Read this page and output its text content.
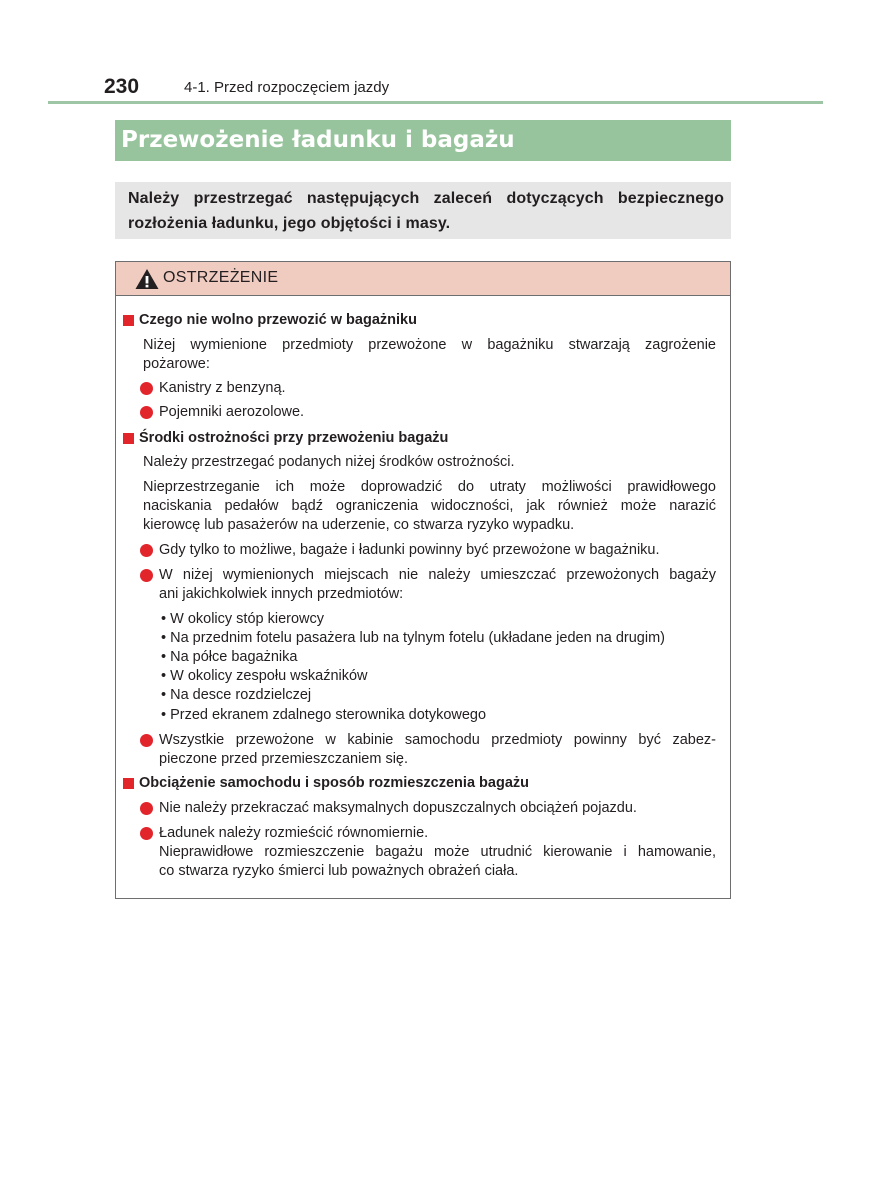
230	4-1. Przed rozpoczęciem jazdy
Przewożenie ładunku i bagażu
Należy przestrzegać następujących zaleceń dotyczących bezpiecznego
rozłożenia ładunku, jego objętości i masy.
OSTRZEŻENIE
Czego nie wolno przewozić w bagażniku
Niżej wymienione przedmioty przewożone w bagażniku stwarzają zagrożenie
pożarowe:
Kanistry z benzyną.
Pojemniki aerozolowe.
Środki ostrożności przy przewożeniu bagażu
Należy przestrzegać podanych niżej środków ostrożności.
Nieprzestrzeganie ich może doprowadzić do utraty możliwości prawidłowego
naciskania pedałów bądź ograniczenia widoczności, jak również może narazić
kierowcę lub pasażerów na uderzenie, co stwarza ryzyko wypadku.
Gdy tylko to możliwe, bagaże i ładunki powinny być przewożone w bagażniku.
W niżej wymienionych miejscach nie należy umieszczać przewożonych bagaży
ani jakichkolwiek innych przedmiotów:
• W okolicy stóp kierowcy
• Na przednim fotelu pasażera lub na tylnym fotelu (układane jeden na drugim)
• Na półce bagażnika
• W okolicy zespołu wskaźników
• Na desce rozdzielczej
• Przed ekranem zdalnego sterownika dotykowego
Wszystkie przewożone w kabinie samochodu przedmioty powinny być zabez-
pieczone przed przemieszczaniem się.
Obciążenie samochodu i sposób rozmieszczenia bagażu
Nie należy przekraczać maksymalnych dopuszczalnych obciążeń pojazdu.
Ładunek należy rozmieścić równomiernie.
Nieprawidłowe rozmieszczenie bagażu może utrudnić kierowanie i hamowanie,
co stwarza ryzyko śmierci lub poważnych obrażeń ciała.
